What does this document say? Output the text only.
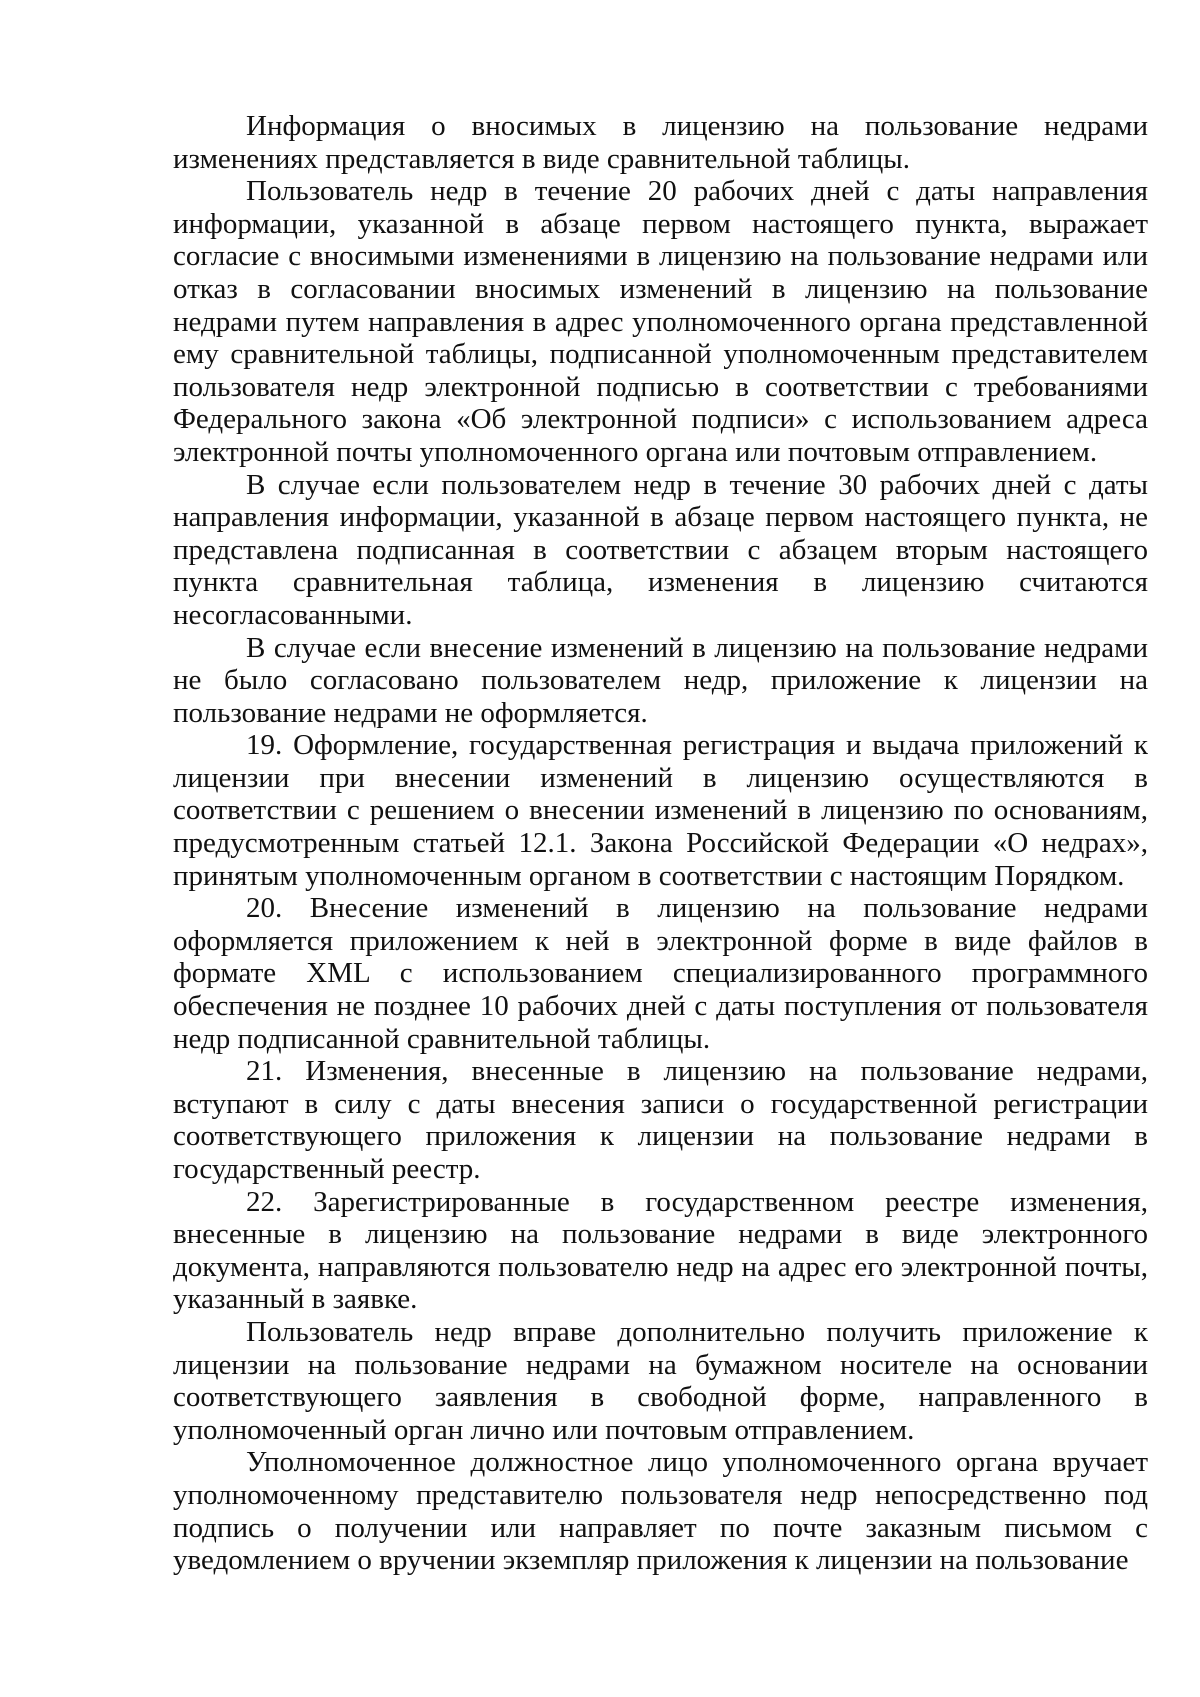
Информация о вносимых в лицензию на пользование недрами изменениях представляется в виде сравнительной таблицы.

Пользователь недр в течение 20 рабочих дней с даты направления информации, указанной в абзаце первом настоящего пункта, выражает согласие с вносимыми изменениями в лицензию на пользование недрами или отказ в согласовании вносимых изменений в лицензию на пользование недрами путем направления в адрес уполномоченного органа представленной ему сравнительной таблицы, подписанной уполномоченным представителем пользователя недр электронной подписью в соответствии с требованиями Федерального закона «Об электронной подписи» с использованием адреса электронной почты уполномоченного органа или почтовым отправлением.

В случае если пользователем недр в течение 30 рабочих дней с даты направления информации, указанной в абзаце первом настоящего пункта, не представлена подписанная в соответствии с абзацем вторым настоящего пункта сравнительная таблица, изменения в лицензию считаются несогласованными.

В случае если внесение изменений в лицензию на пользование недрами не было согласовано пользователем недр, приложение к лицензии на пользование недрами не оформляется.

19. Оформление, государственная регистрация и выдача приложений к лицензии при внесении изменений в лицензию осуществляются в соответствии с решением о внесении изменений в лицензию по основаниям, предусмотренным статьей 12.1. Закона Российской Федерации «О недрах», принятым уполномоченным органом в соответствии с настоящим Порядком.

20. Внесение изменений в лицензию на пользование недрами оформляется приложением к ней в электронной форме в виде файлов в формате XML с использованием специализированного программного обеспечения не позднее 10 рабочих дней с даты поступления от пользователя недр подписанной сравнительной таблицы.

21. Изменения, внесенные в лицензию на пользование недрами, вступают в силу с даты внесения записи о государственной регистрации соответствующего приложения к лицензии на пользование недрами в государственный реестр.

22. Зарегистрированные в государственном реестре изменения, внесенные в лицензию на пользование недрами в виде электронного документа, направляются пользователю недр на адрес его электронной почты, указанный в заявке.

Пользователь недр вправе дополнительно получить приложение к лицензии на пользование недрами на бумажном носителе на основании соответствующего заявления в свободной форме, направленного в уполномоченный орган лично или почтовым отправлением.

Уполномоченное должностное лицо уполномоченного органа вручает уполномоченному представителю пользователя недр непосредственно под подпись о получении или направляет по почте заказным письмом с уведомлением о вручении экземпляр приложения к лицензии на пользование
